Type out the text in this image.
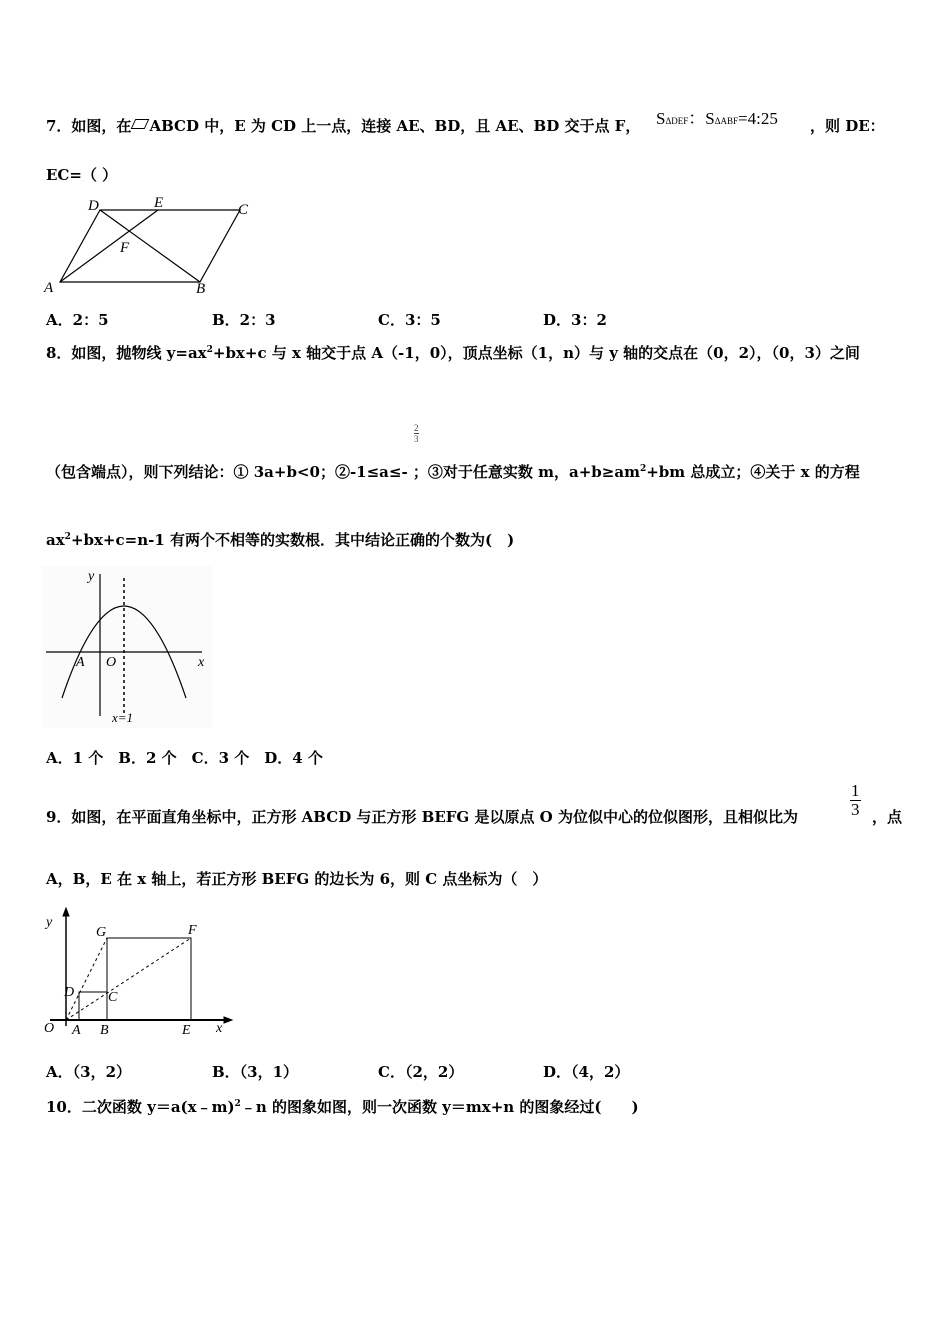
7．如图，在 ABCD 中，E 为 CD 上一点，连接 AE、BD，且 AE、BD 交于点 F， SΔDEF：SΔABF=4:25 ，则 DE：
EC=（ ）
D	E	C
F
A	B
A．2：5	B．2：3	C．3：5	D．3：2
8．如图，抛物线 $y=ax^2+bx+c$ 与 x 轴交于点 A（-1，0），顶点坐标（1，n）与 y 轴的交点在（0，2），（0，3）之间
2
3
（包含端点），则下列结论：① 3a+b<0；②-1≤a≤- ；③对于任意实数 m，$a+b\ge am^2+bm$ 总成立；④关于 x 的方程
$ax^2+bx+c=n-1$ 有两个不相等的实数根．其中结论正确的个数为(　)
y
A O	x
x=1
A．1 个　B．2 个　C．3 个　D．4 个
9．如图，在平面直角坐标中，正方形 ABCD 与正方形 BEFG 是以原点 O 为位似中心的位似图形，且相似比为	$\frac{1}{3}$ ，点
A，B，E 在 x 轴上，若正方形 BEFG 的边长为 6，则 C 点坐标为（　）
y
G	F
D C
O A B	E x
A．（3，2）	B．（3，1）	C．（2，2）	D．（4，2）
10．二次函数 y＝a(x﹣m)$^2$﹣n 的图象如图，则一次函数 y＝mx+n 的图象经过(　　)
